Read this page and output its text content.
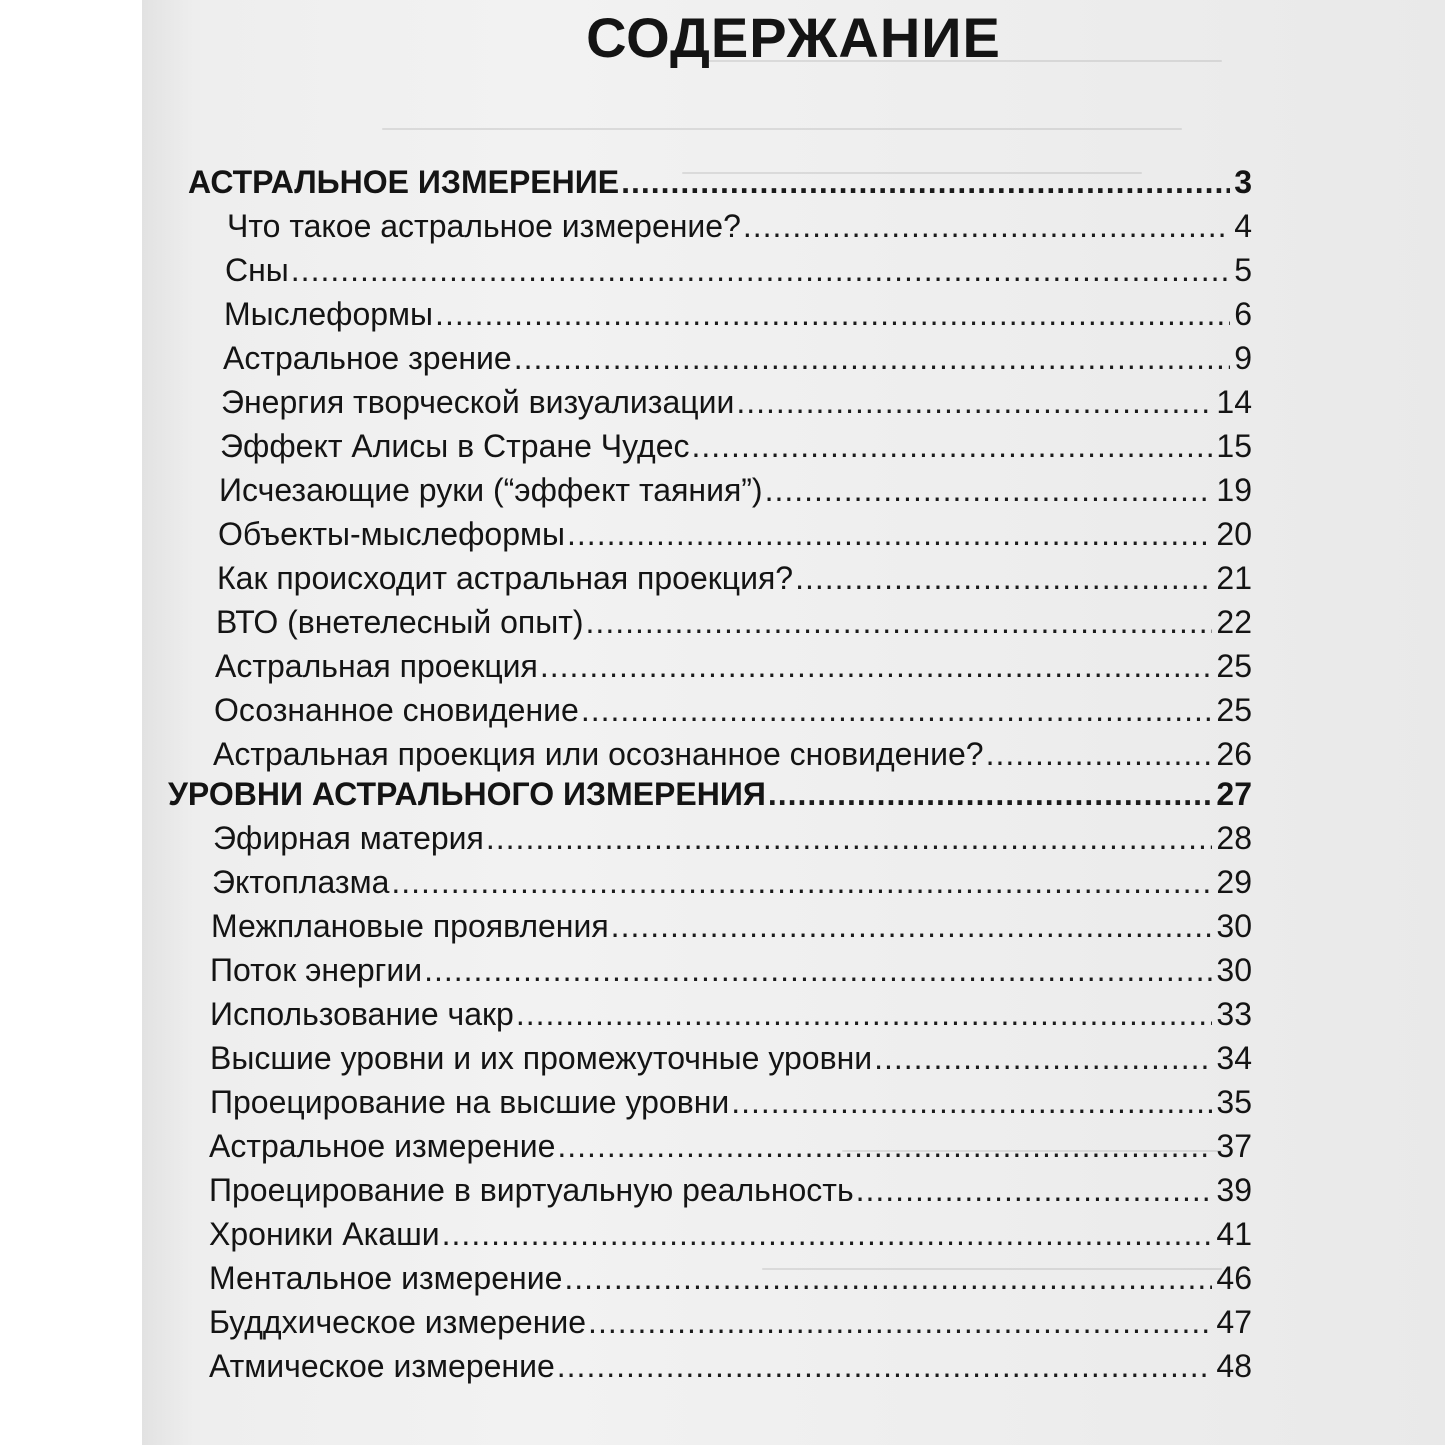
СОДЕРЖАНИЕ
АСТРАЛЬНОЕ ИЗМЕРЕНИЕ .....	3
Что такое астральное измерение? .....	4
Сны .....	5
Мыслеформы .....	6
Астральное зрение .....	9
Энергия творческой визуализации .....	14
Эффект Алисы в Стране Чудес .....	15
Исчезающие руки (“эффект таяния”) .....	19
Объекты-мыслеформы .....	20
Как происходит астральная проекция? .....	21
ВТО (внетелесный опыт) .....	22
Астральная проекция .....	25
Осознанное сновидение .....	25
Астральная проекция или осознанное сновидение? .....	26
УРОВНИ АСТРАЛЬНОГО ИЗМЕРЕНИЯ .....	27
Эфирная материя .....	28
Эктоплазма .....	29
Межплановые проявления .....	30
Поток энергии .....	30
Использование чакр .....	33
Высшие уровни и их промежуточные уровни .....	34
Проецирование на высшие уровни .....	35
Астральное измерение .....	37
Проецирование в виртуальную реальность .....	39
Хроники Акаши .....	41
Ментальное измерение .....	46
Буддхическое измерение .....	47
Атмическое измерение .....	48
